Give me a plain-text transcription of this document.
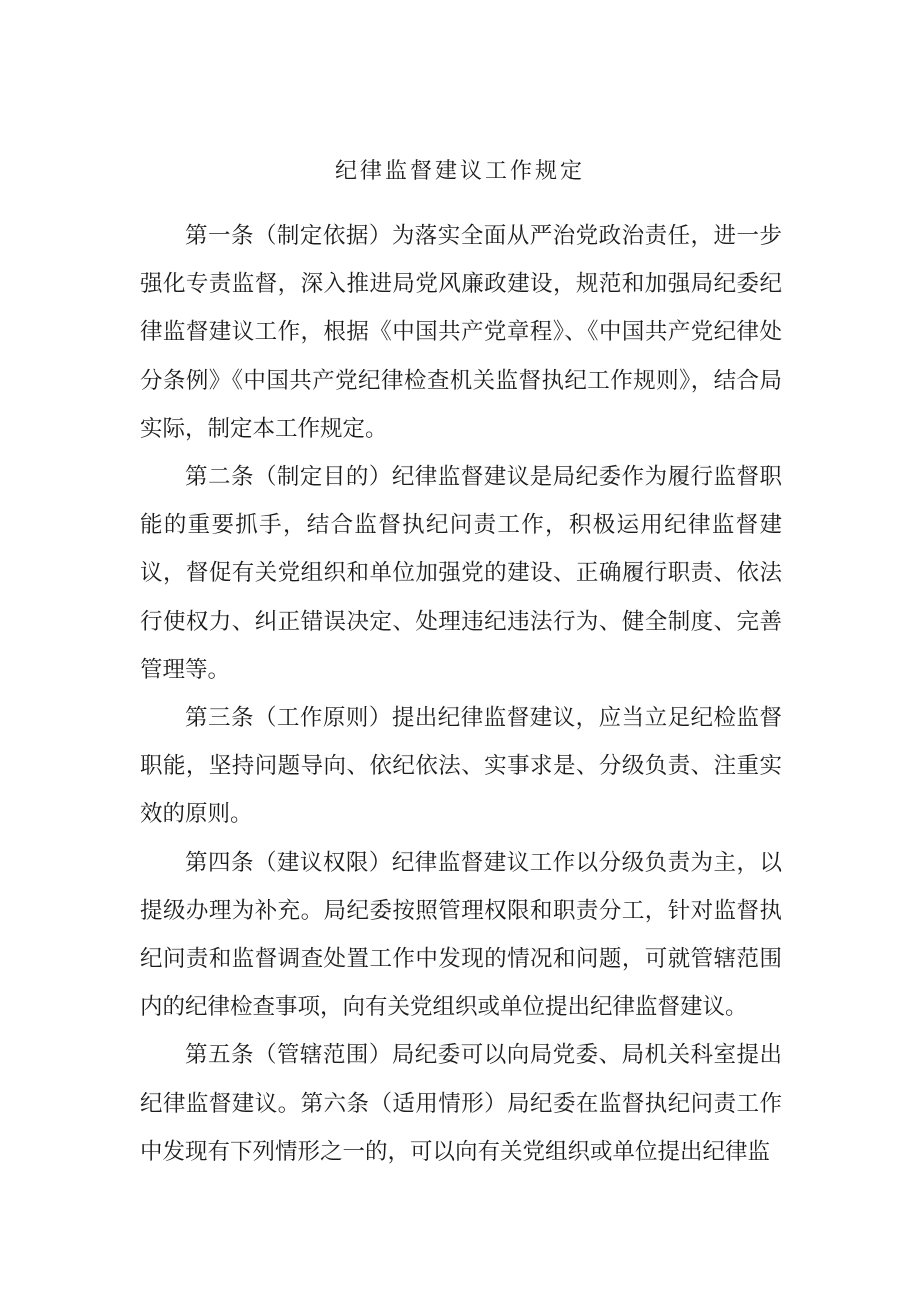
纪律监督建议工作规定

第一条（制定依据）为落实全面从严治党政治责任，进一步强化专责监督，深入推进局党风廉政建设，规范和加强局纪委纪律监督建议工作，根据《中国共产党章程》、《中国共产党纪律处分条例》《中国共产党纪律检查机关监督执纪工作规则》，结合局实际，制定本工作规定。

第二条（制定目的）纪律监督建议是局纪委作为履行监督职能的重要抓手，结合监督执纪问责工作，积极运用纪律监督建议，督促有关党组织和单位加强党的建设、正确履行职责、依法行使权力、纠正错误决定、处理违纪违法行为、健全制度、完善管理等。

第三条（工作原则）提出纪律监督建议，应当立足纪检监督职能，坚持问题导向、依纪依法、实事求是、分级负责、注重实效的原则。

第四条（建议权限）纪律监督建议工作以分级负责为主，以提级办理为补充。局纪委按照管理权限和职责分工，针对监督执纪问责和监督调查处置工作中发现的情况和问题，可就管辖范围内的纪律检查事项，向有关党组织或单位提出纪律监督建议。

第五条（管辖范围）局纪委可以向局党委、局机关科室提出纪律监督建议。第六条（适用情形）局纪委在监督执纪问责工作中发现有下列情形之一的，可以向有关党组织或单位提出纪律监
